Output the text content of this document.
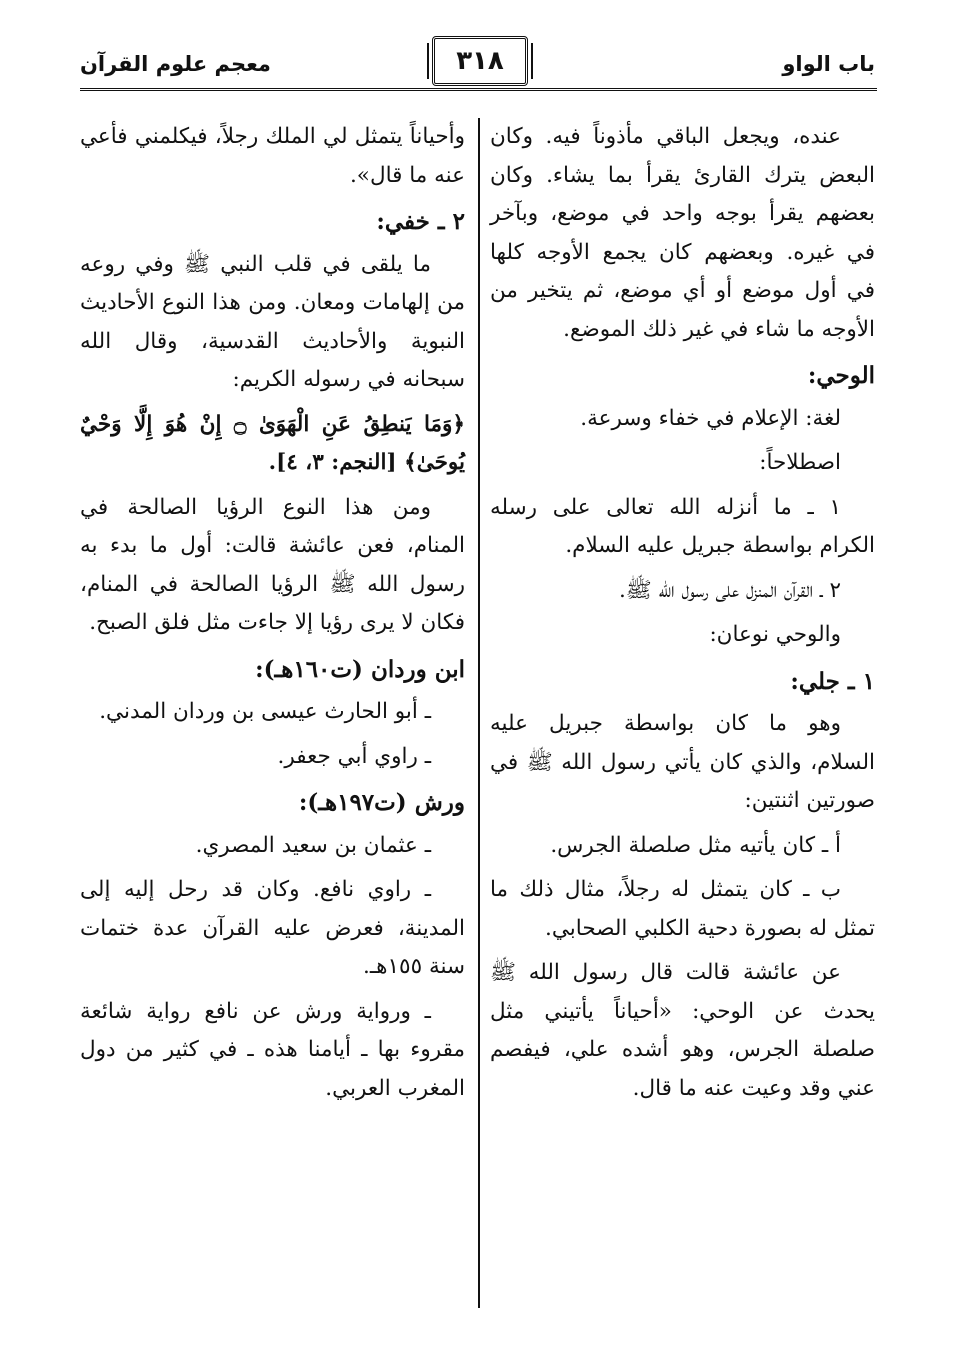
باب الواو
٣١٨
معجم علوم القرآن

عنده، ويجعل الباقي مأذوناً فيه. وكان البعض يترك القارئ يقرأ بما يشاء. وكان بعضهم يقرأ بوجه واحد في موضع، وبآخر في غيره. وبعضهم كان يجمع الأوجه كلها في أول موضع أو أي موضع، ثم يتخير من الأوجه ما شاء في غير ذلك الموضع.

الوحي:

لغة: الإعلام في خفاء وسرعة.

اصطلاحاً:

١ ـ ما أنزله الله تعالى على رسله الكرام بواسطة جبريل عليه السلام.

٢ ـ القرآن المنزل على رسول الله ﷺ.

والوحي نوعان:

١ ـ جلي:

وهو ما كان بواسطة جبريل عليه السلام، والذي كان يأتي رسول الله ﷺ في صورتين اثنتين:

أ ـ كان يأتيه مثل صلصلة الجرس.

ب ـ كان يتمثل له رجلاً، مثال ذلك ما تمثل له بصورة دحية الكلبي الصحابي.

عن عائشة قالت قال رسول الله ﷺ يحدث عن الوحي: «أحياناً يأتيني مثل صلصلة الجرس، وهو أشده علي، فيفصم عني وقد وعيت عنه ما قال.

وأحياناً يتمثل لي الملك رجلاً، فيكلمني فأعي عنه ما قال».

٢ ـ خفي:

ما يلقى في قلب النبي ﷺ وفي روعه من إلهامات ومعان. ومن هذا النوع الأحاديث النبوية والأحاديث القدسية، وقال الله سبحانه في رسوله الكريم:

﴿وَمَا يَنطِقُ عَنِ الْهَوَىٰ ۝ إِنْ هُوَ إِلَّا وَحْيٌ يُوحَىٰ﴾ [النجم: ٣، ٤].

ومن هذا النوع الرؤيا الصالحة في المنام، فعن عائشة قالت: أول ما بدء به رسول الله ﷺ الرؤيا الصالحة في المنام، فكان لا يرى رؤيا إلا جاءت مثل فلق الصبح.

ابن وردان (ت١٦٠هـ):

ـ أبو الحارث عيسى بن وردان المدني.

ـ راوي أبي جعفر.

ورش (ت١٩٧هـ):

ـ عثمان بن سعيد المصري.

ـ راوي نافع. وكان قد رحل إليه إلى المدينة، فعرض عليه القرآن عدة ختمات سنة ١٥٥هـ.

ـ ورواية ورش عن نافع رواية شائعة مقروء بها ـ أيامنا هذه ـ في كثير من دول المغرب العربي.
